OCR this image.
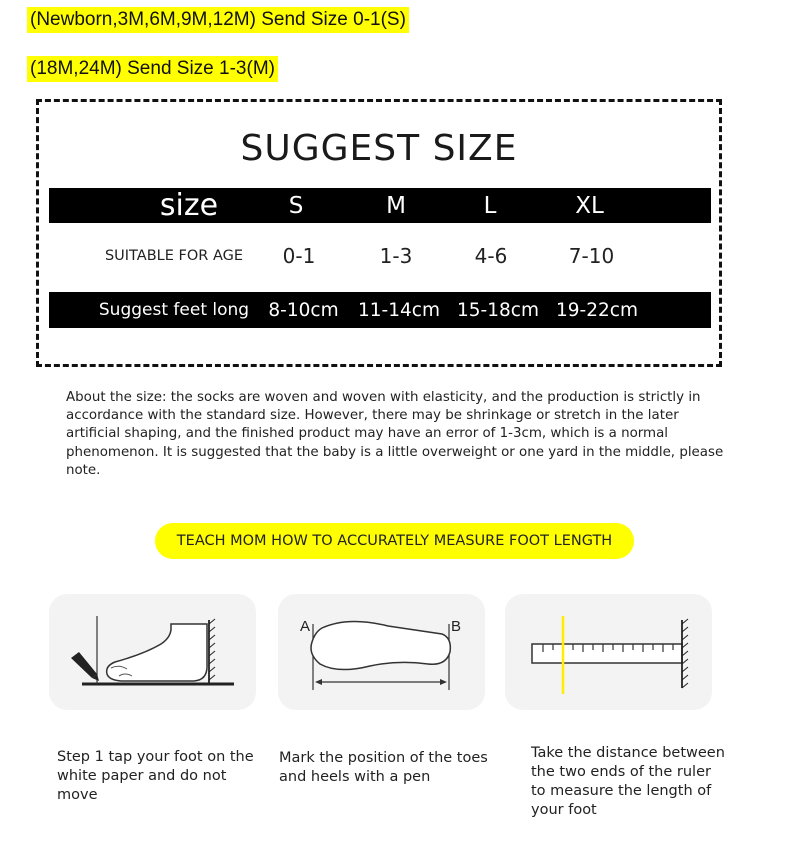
(Newborn,3M,6M,9M,12M) Send Size 0-1(S)
(18M,24M) Send Size 1-3(M)
SUGGEST SIZE
size	S	M	L	XL
SUITABLE FOR AGE	0-1	1-3	4-6	7-10
Suggest feet long	8-10cm	11-14cm 15-18cm 19-22cm
About the size: the socks are woven and woven with elasticity, and the production is strictly in accordance with the standard size. However, there may be shrinkage or stretch in the later artificial shaping, and the finished product may have an error of 1-3cm, which is a normal phenomenon. It is suggested that the baby is a little overweight or one yard in the middle, please note.
TEACH MOM HOW TO ACCURATELY MEASURE FOOT LENGTH
A	B
Step 1 tap your foot on the white paper and do not move
Mark the position of the toes and heels with a pen
Take the distance between the two ends of the ruler to measure the length of your foot
